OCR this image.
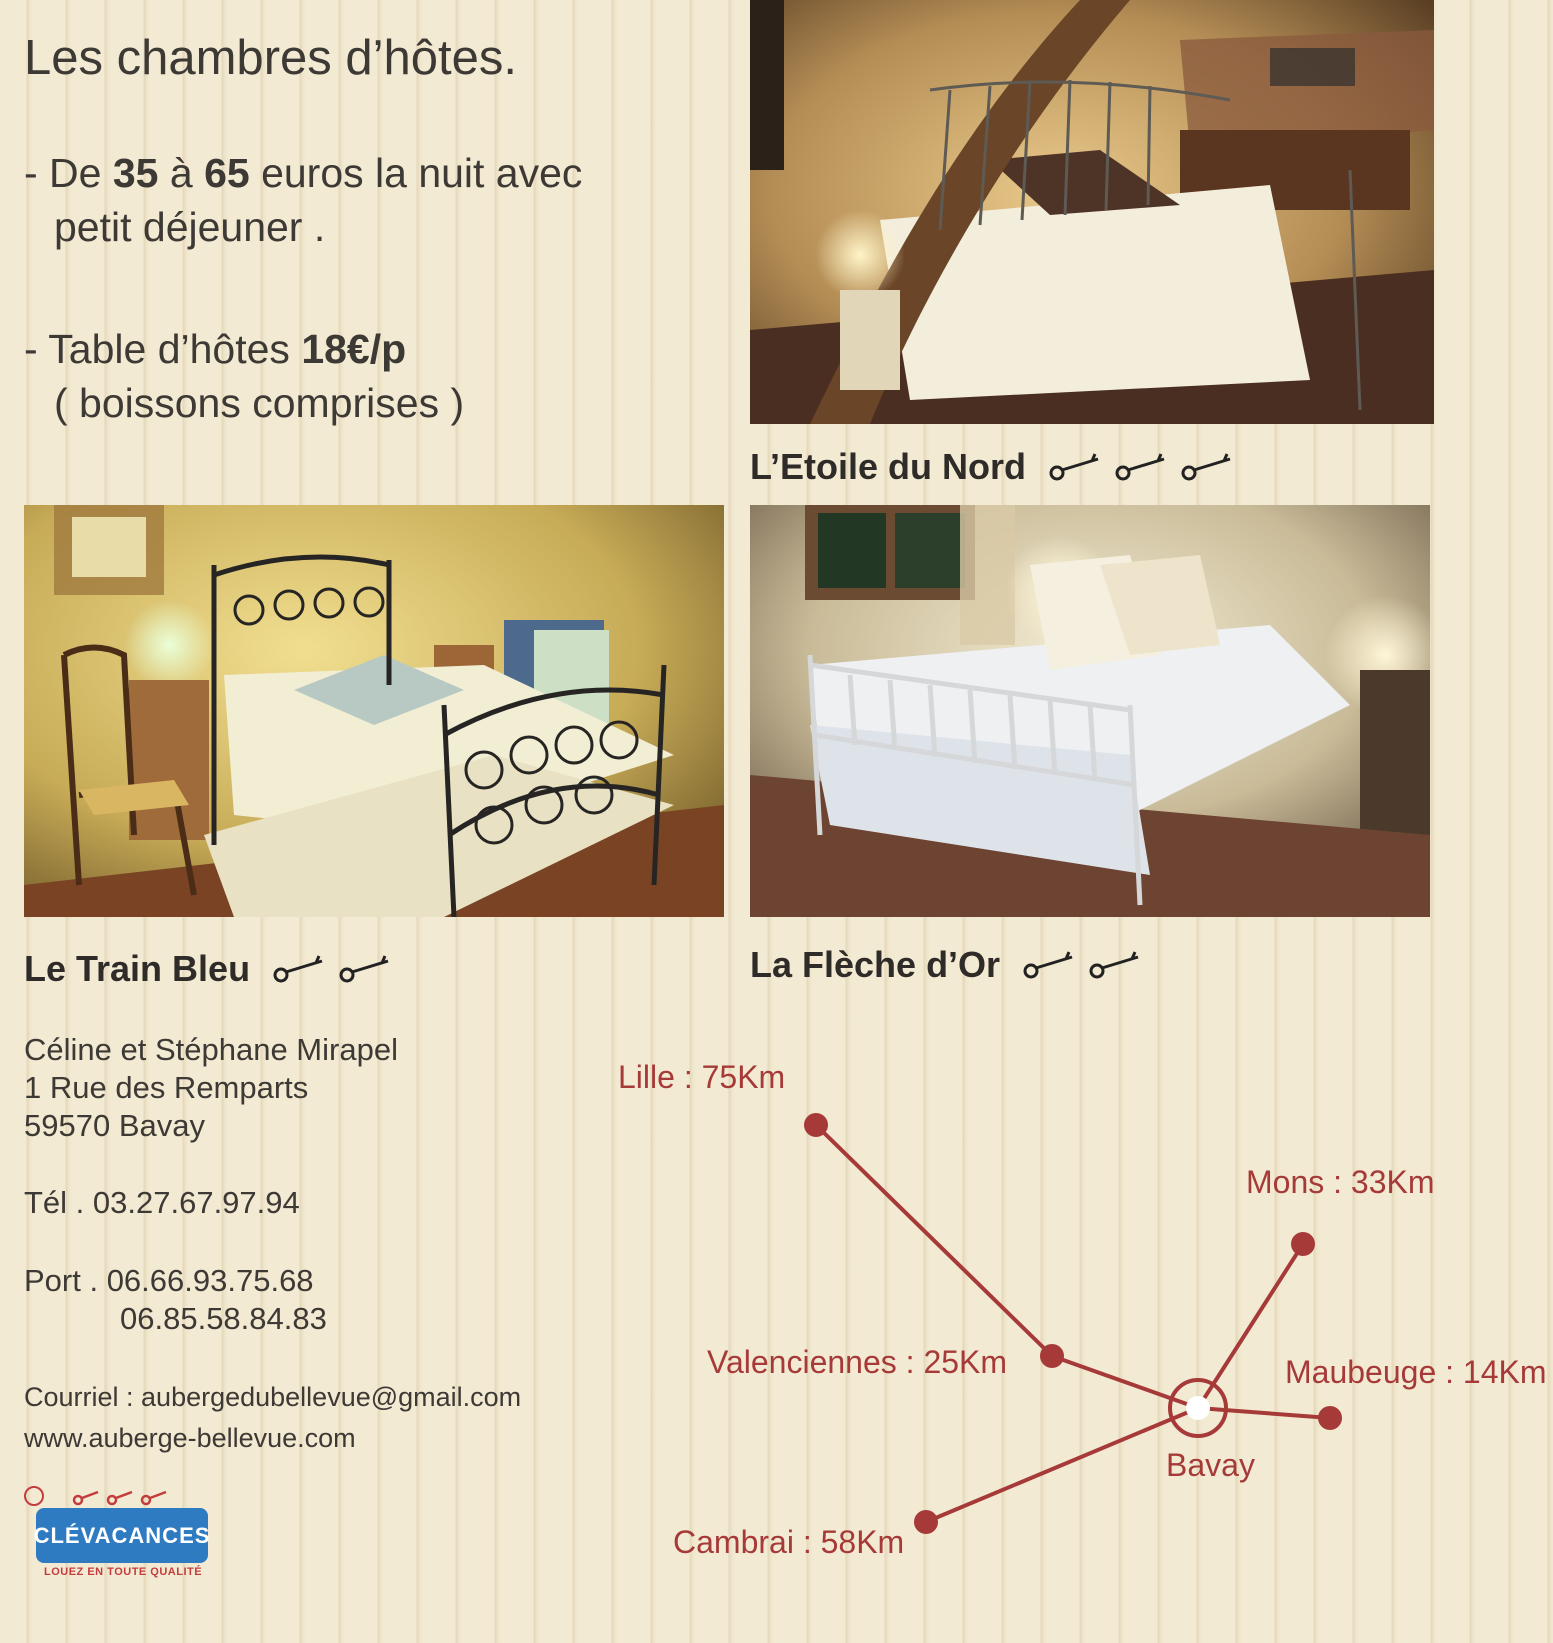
Les chambres d’hôtes.
- De 35 à 65 euros la nuit avec
petit déjeuner .
- Table d’hôtes 18€/p
( boissons comprises )
L’Etoile du Nord
Le Train Bleu	La Flèche d’Or
Céline et Stéphane Mirapel
1 Rue des Remparts
59570 Bavay
Tél . 03.27.67.97.94
Port . 06.66.93.75.68
06.85.58.84.83
Courriel : aubergedubellevue@gmail.com
www.auberge-bellevue.com
CLÉVACANCES
LOUEZ EN TOUTE QUALITÉ
Lille : 75Km
Mons : 33Km
Valenciennes : 25Km	Maubeuge : 14Km
Cambrai : 58Km
Bavay
